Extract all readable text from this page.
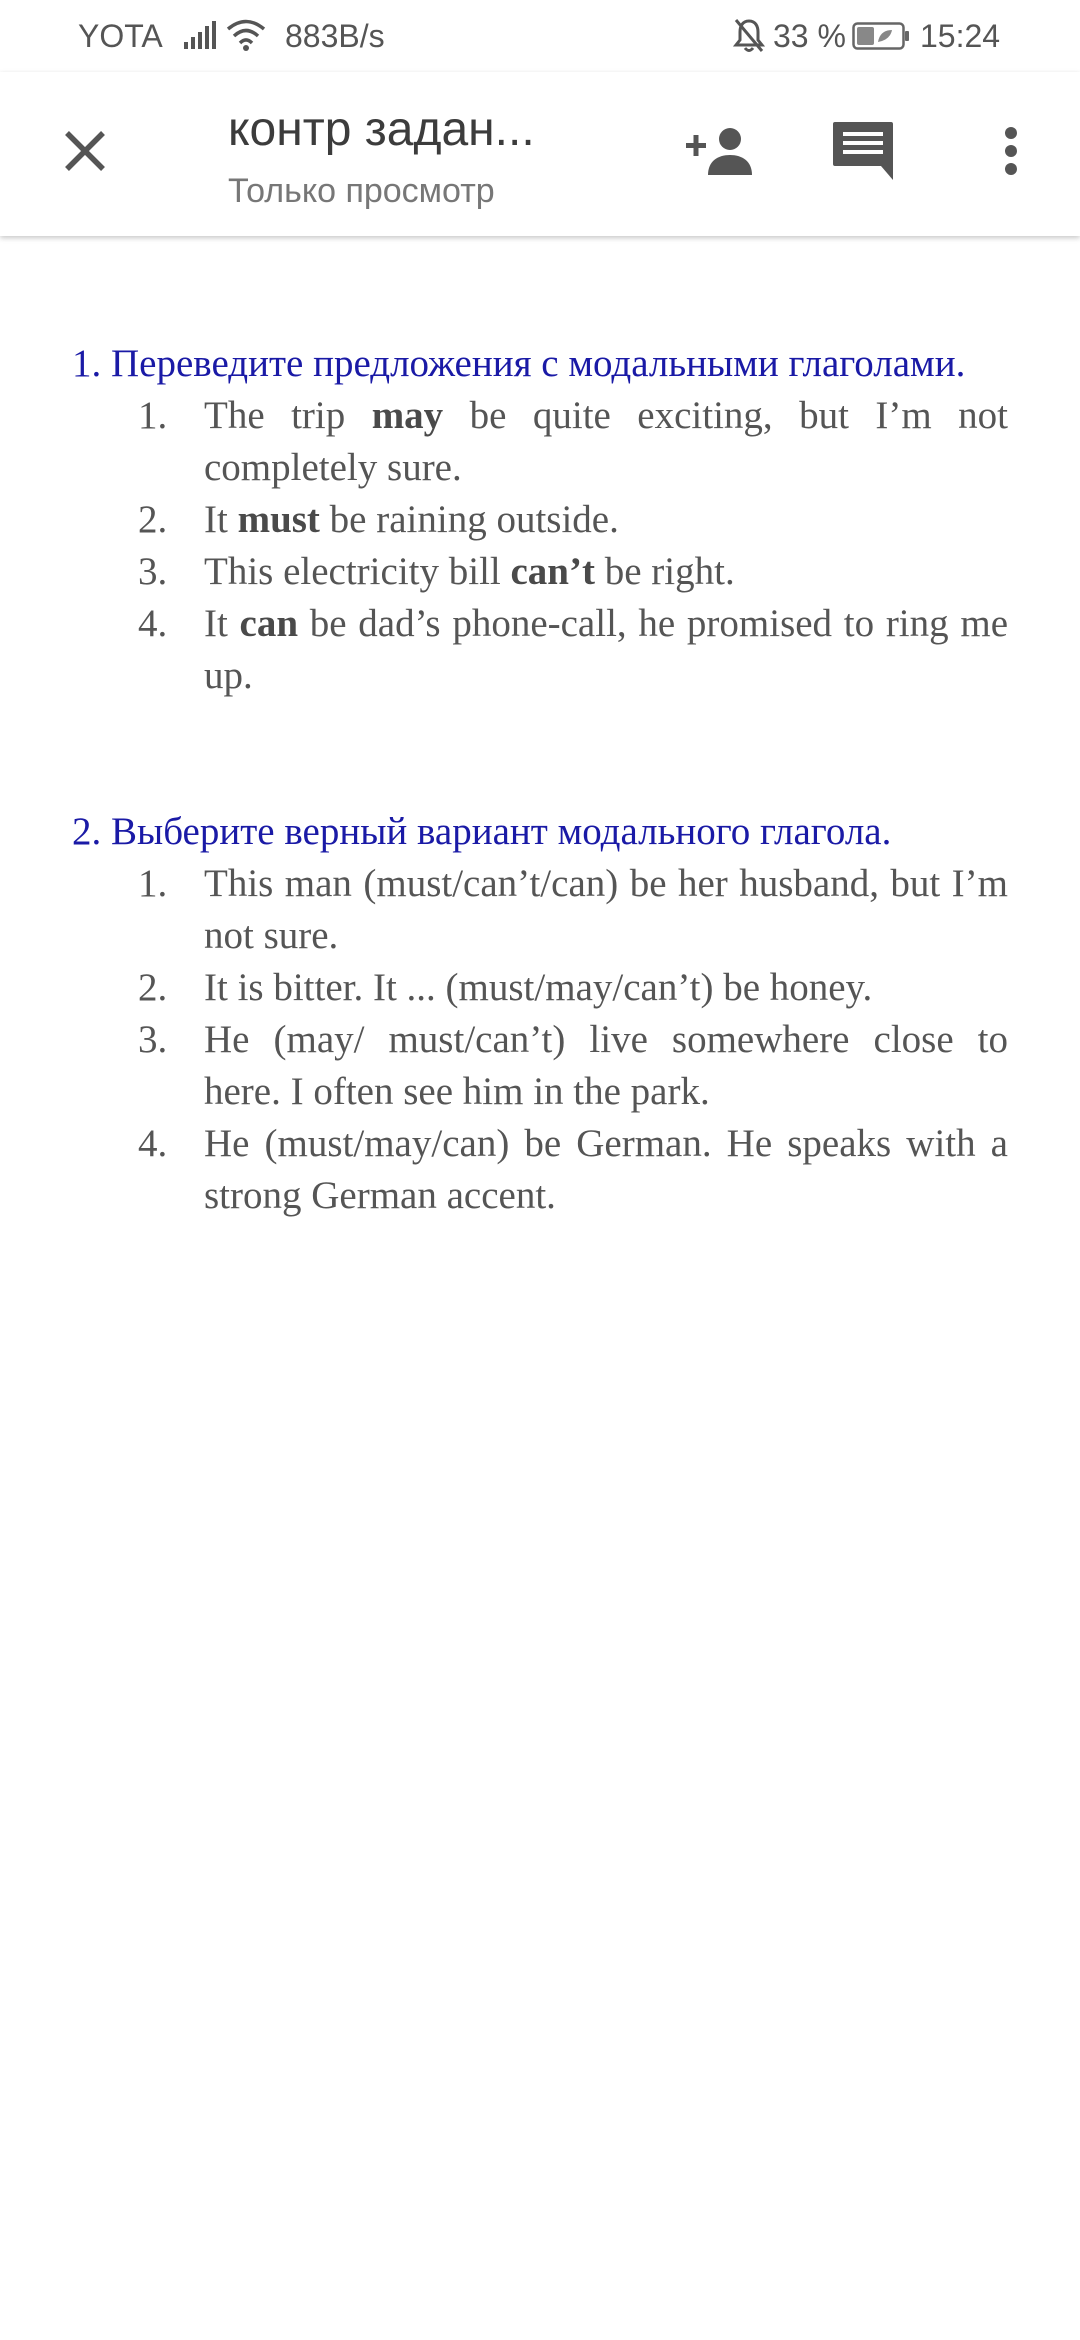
YOTA	883B/s	33 % 15:24
контр задан...
Только просмотр
1. Переведите предложения с модальными глаголами.
1. The trip may be quite exciting, but I’m not completely sure.
2. It must be raining outside.
3. This electricity bill can’t be right.
4. It can be dad’s phone-call, he promised to ring me up.
2. Выберите верный вариант модального глагола.
1. This man (must/can’t/can) be her husband, but I’m not sure.
2. It is bitter. It ... (must/may/can’t) be honey.
3. He (may/ must/can’t) live somewhere close to here. I often see him in the park.
4. He (must/may/can) be German. He speaks with a strong German accent.
